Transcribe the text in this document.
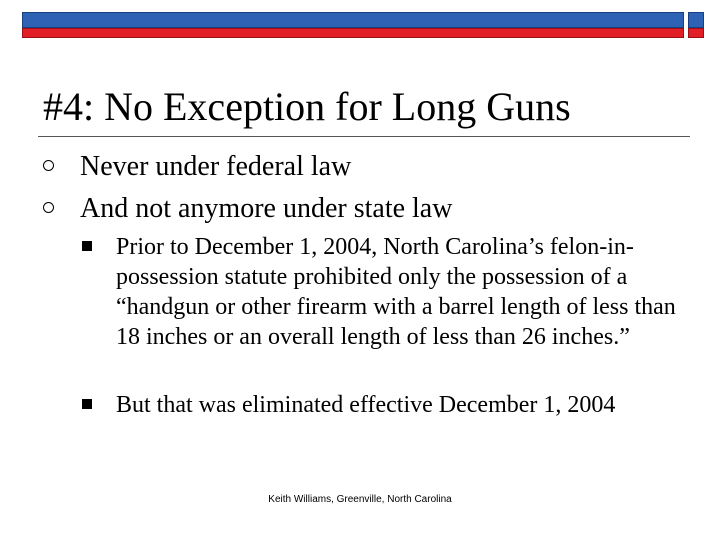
#4: No Exception for Long Guns
Never under federal law
And not anymore under state law
Prior to December 1, 2004, North Carolina’s felon-in-possession statute prohibited only the possession of a “handgun or other firearm with a barrel length of less than 18 inches or an overall length of less than 26 inches.”
But that was eliminated effective December 1, 2004
Keith Williams, Greenville, North Carolina
